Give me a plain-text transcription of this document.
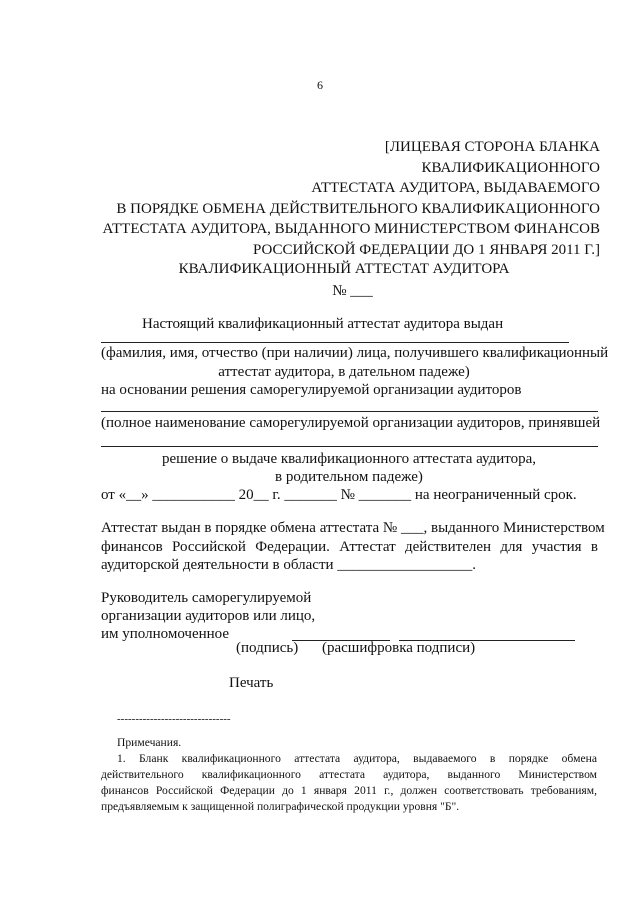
6
[ЛИЦЕВАЯ СТОРОНА БЛАНКА
КВАЛИФИКАЦИОННОГО
АТТЕСТАТА АУДИТОРА, ВЫДАВАЕМОГО
В ПОРЯДКЕ ОБМЕНА ДЕЙСТВИТЕЛЬНОГО КВАЛИФИКАЦИОННОГО
АТТЕСТАТА АУДИТОРА, ВЫДАННОГО МИНИСТЕРСТВОМ ФИНАНСОВ
РОССИЙСКОЙ ФЕДЕРАЦИИ ДО 1 ЯНВАРЯ 2011 Г.]
КВАЛИФИКАЦИОННЫЙ АТТЕСТАТ АУДИТОРА
№ ___
Настоящий квалификационный аттестат аудитора выдан
(фамилия, имя, отчество (при наличии) лица, получившего квалификационный
аттестат аудитора, в дательном падеже)
на основании решения саморегулируемой организации аудиторов
(полное наименование саморегулируемой организации аудиторов, принявшей
решение о выдаче квалификационного аттестата аудитора,
в родительном падеже)
от «__» ___________ 20__ г. _______ № _______ на неограниченный срок.
Аттестат выдан в порядке обмена аттестата № ___, выданного Министерством
финансов Российской Федерации. Аттестат действителен для участия в
аудиторской деятельности в области __________________.
Руководитель саморегулируемой
организации аудиторов или лицо,
им уполномоченное
(подпись) (расшифровка подписи)
Печать
-------------------------------
Примечания.
1. Бланк квалификационного аттестата аудитора, выдаваемого в порядке обмена
действительного квалификационного аттестата аудитора, выданного Министерством
финансов Российской Федерации до 1 января 2011 г., должен соответствовать требованиям,
предъявляемым к защищенной полиграфической продукции уровня "Б".
